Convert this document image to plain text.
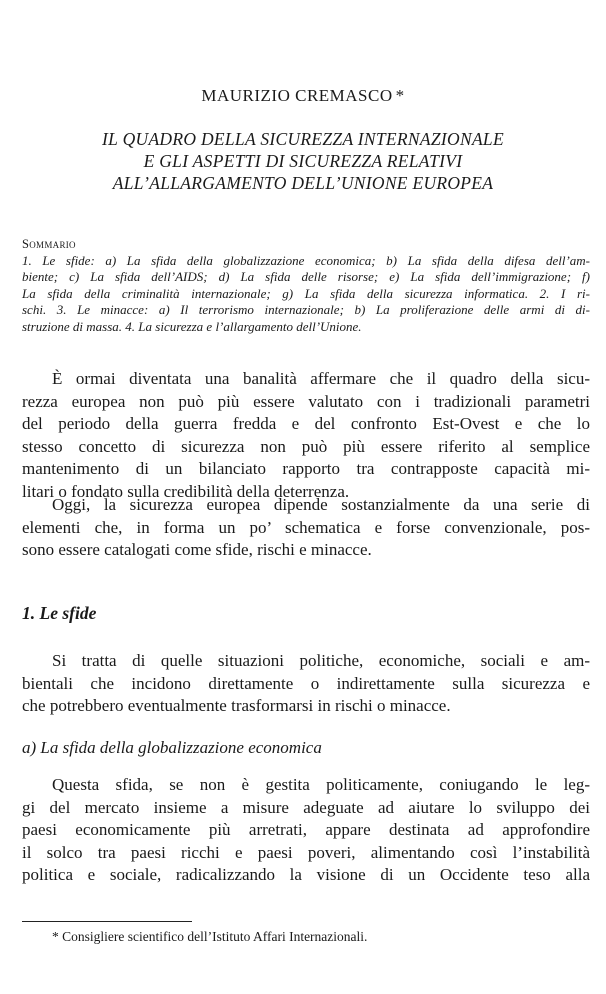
MAURIZIO CREMASCO *
IL QUADRO DELLA SICUREZZA INTERNAZIONALE
E GLI ASPETTI DI SICUREZZA RELATIVI
ALL’ALLARGAMENTO DELL’UNIONE EUROPEA
Sommario
1. Le sfide: a) La sfida della globalizzazione economica; b) La sfida della difesa dell’am-
biente; c) La sfida dell’AIDS; d) La sfida delle risorse; e) La sfida dell’immigrazione; f)
La sfida della criminalità internazionale; g) La sfida della sicurezza informatica. 2. I ri-
schi. 3. Le minacce: a) Il terrorismo internazionale; b) La proliferazione delle armi di di-
struzione di massa. 4. La sicurezza e l’allargamento dell’Unione.
È ormai diventata una banalità affermare che il quadro della sicu-
rezza europea non può più essere valutato con i tradizionali parametri
del periodo della guerra fredda e del confronto Est-Ovest e che lo
stesso concetto di sicurezza non può più essere riferito al semplice
mantenimento di un bilanciato rapporto tra contrapposte capacità mi-
litari o fondato sulla credibilità della deterrenza.
Oggi, la sicurezza europea dipende sostanzialmente da una serie di
elementi che, in forma un po’ schematica e forse convenzionale, pos-
sono essere catalogati come sfide, rischi e minacce.
1. Le sfide
Si tratta di quelle situazioni politiche, economiche, sociali e am-
bientali che incidono direttamente o indirettamente sulla sicurezza e
che potrebbero eventualmente trasformarsi in rischi o minacce.
a) La sfida della globalizzazione economica
Questa sfida, se non è gestita politicamente, coniugando le leg-
gi del mercato insieme a misure adeguate ad aiutare lo sviluppo dei
paesi economicamente più arretrati, appare destinata ad approfondire
il solco tra paesi ricchi e paesi poveri, alimentando così l’instabilità
politica e sociale, radicalizzando la visione di un Occidente teso alla
* Consigliere scientifico dell’Istituto Affari Internazionali.
